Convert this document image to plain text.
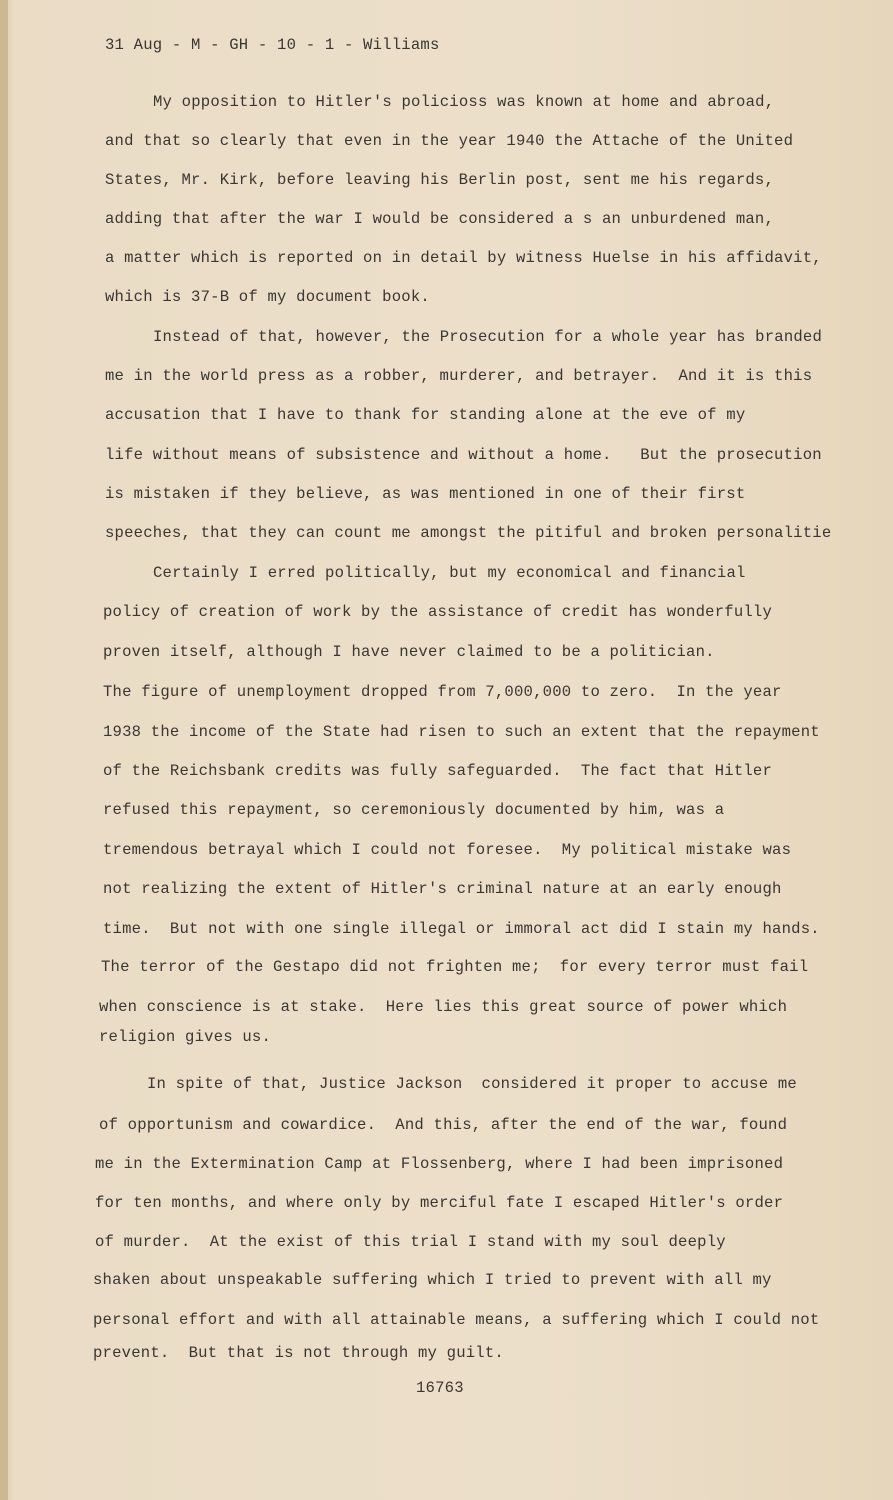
31 Aug - M - GH - 10 - 1 - Williams
My opposition to Hitler's policioss was known at home and abroad,
and that so clearly that even in the year 1940 the Attache of the United
States, Mr. Kirk, before leaving his Berlin post, sent me his regards,
adding that after the war I would be considered a s an unburdened man,
a matter which is reported on in detail by witness Huelse in his affidavit,
which is 37-B of my document book.
Instead of that, however, the Prosecution for a whole year has branded
me in the world press as a robber, murderer, and betrayer.  And it is this
accusation that I have to thank for standing alone at the eve of my
life without means of subsistence and without a home.   But the prosecution
is mistaken if they believe, as was mentioned in one of their first
speeches, that they can count me amongst the pitiful and broken personalitie
Certainly I erred politically, but my economical and financial
policy of creation of work by the assistance of credit has wonderfully
proven itself, although I have never claimed to be a politician.
The figure of unemployment dropped from 7,000,000 to zero.  In the year
1938 the income of the State had risen to such an extent that the repayment
of the Reichsbank credits was fully safeguarded.  The fact that Hitler
refused this repayment, so ceremoniously documented by him, was a
tremendous betrayal which I could not foresee.  My political mistake was
not realizing the extent of Hitler's criminal nature at an early enough
time.  But not with one single illegal or immoral act did I stain my hands.
The terror of the Gestapo did not frighten me;  for every terror must fail
when conscience is at stake.  Here lies this great source of power which
religion gives us.
In spite of that, Justice Jackson  considered it proper to accuse me
of opportunism and cowardice.  And this, after the end of the war, found
me in the Extermination Camp at Flossenberg, where I had been imprisoned
for ten months, and where only by merciful fate I escaped Hitler's order
of murder.  At the exist of this trial I stand with my soul deeply
shaken about unspeakable suffering which I tried to prevent with all my
personal effort and with all attainable means, a suffering which I could not
prevent.  But that is not through my guilt.
16763
